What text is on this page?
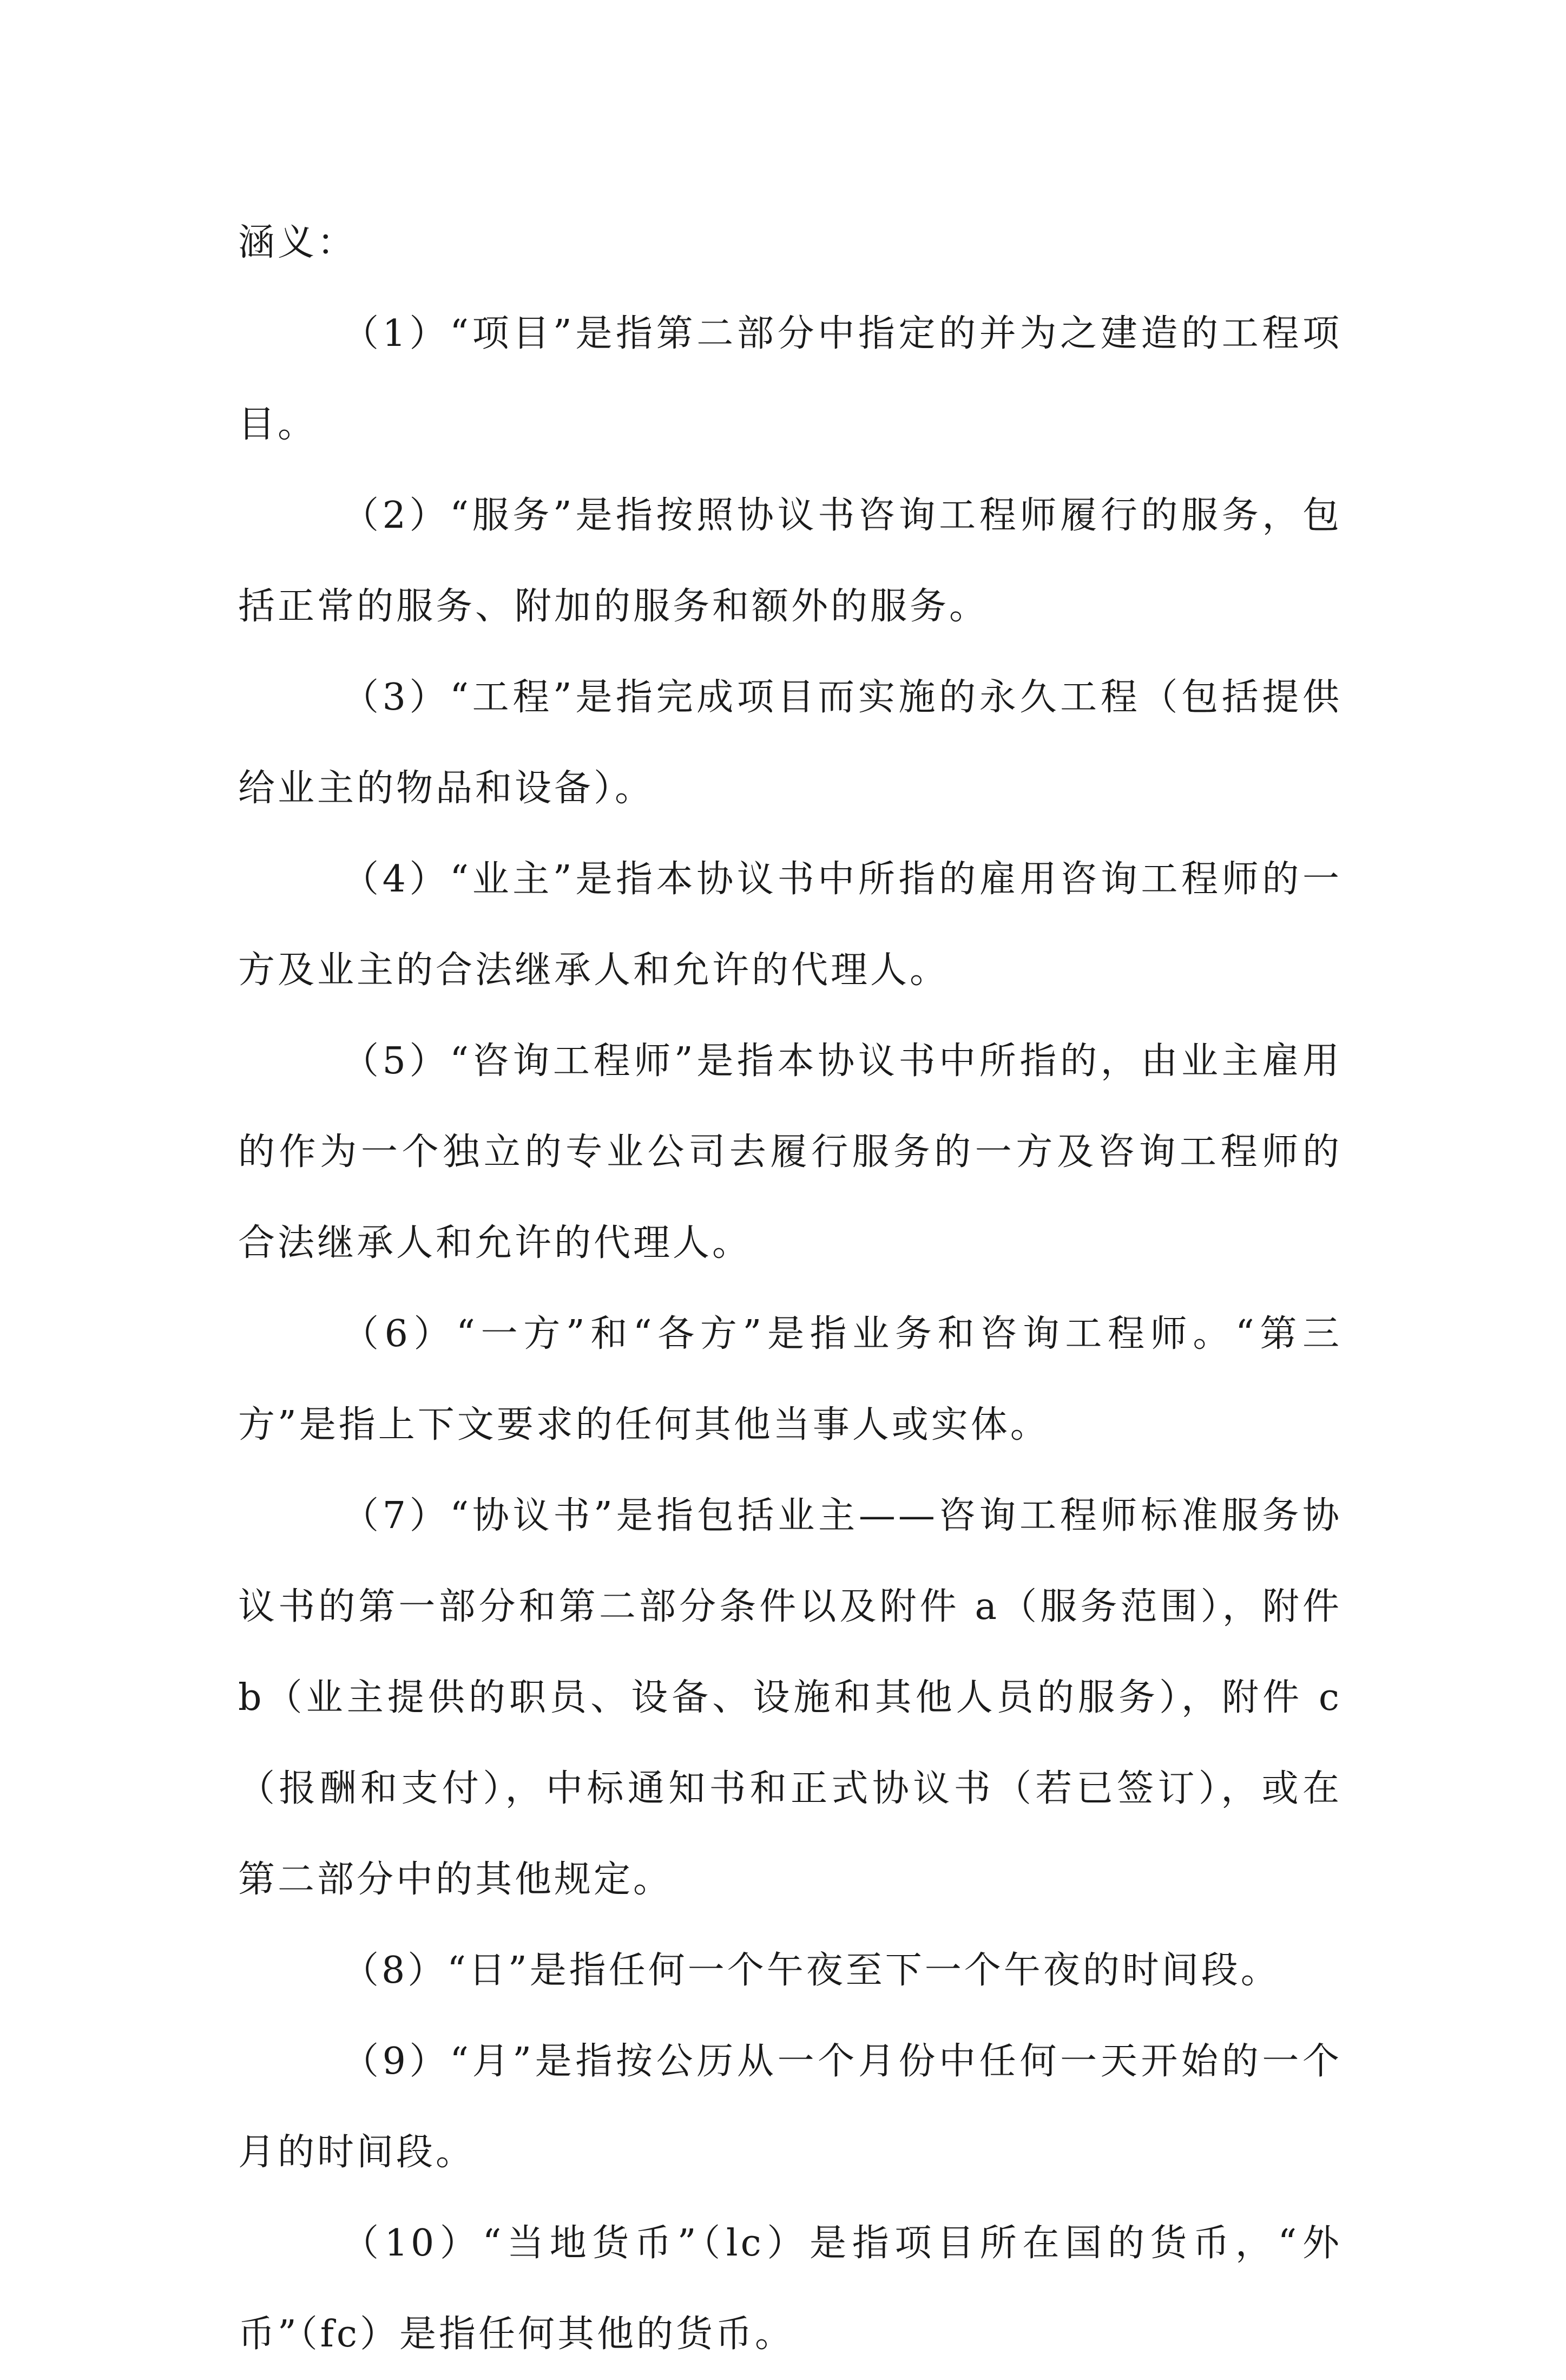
涵义：

（1）“项目”是指第二部分中指定的并为之建造的工程项目。

（2）“服务”是指按照协议书咨询工程师履行的服务，包括正常的服务、附加的服务和额外的服务。

（3）“工程”是指完成项目而实施的永久工程（包括提供给业主的物品和设备）。

（4）“业主”是指本协议书中所指的雇用咨询工程师的一方及业主的合法继承人和允许的代理人。

（5）“咨询工程师”是指本协议书中所指的，由业主雇用的作为一个独立的专业公司去履行服务的一方及咨询工程师的合法继承人和允许的代理人。

（6）“一方”和“各方”是指业务和咨询工程师。“第三方”是指上下文要求的任何其他当事人或实体。

（7）“协议书”是指包括业主——咨询工程师标准服务协议书的第一部分和第二部分条件以及附件 a（服务范围），附件 b（业主提供的职员、设备、设施和其他人员的服务），附件 c（报酬和支付），中标通知书和正式协议书（若已签订），或在第二部分中的其他规定。

（8）“日”是指任何一个午夜至下一个午夜的时间段。

（9）“月”是指按公历从一个月份中任何一天开始的一个月的时间段。

（10）“当地货币”（lc）是指项目所在国的货币，“外币”（fc）是指任何其他的货币。
